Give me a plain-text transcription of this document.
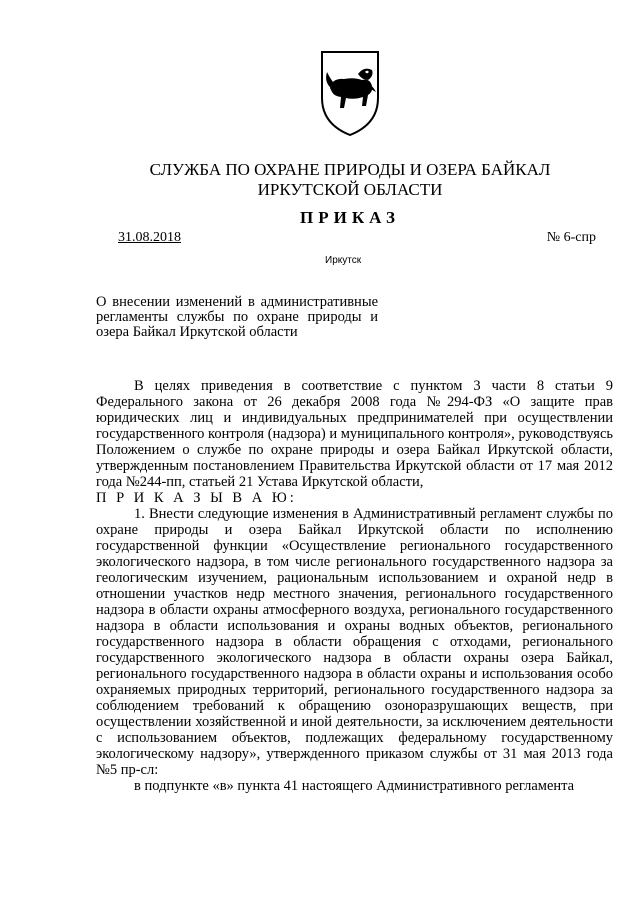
СЛУЖБА ПО ОХРАНЕ ПРИРОДЫ И ОЗЕРА БАЙКАЛ
ИРКУТСКОЙ ОБЛАСТИ
ПРИКАЗ
31.08.2018	№ 6-спр
Иркутск
О внесении изменений в административные регламенты службы по охране природы и озера Байкал Иркутской области

В целях приведения в соответствие с пунктом 3 части 8 статьи 9 Федерального закона от 26 декабря 2008 года №294-ФЗ «О защите прав юридических лиц и индивидуальных предпринимателей при осуществлении государственного контроля (надзора) и муниципального контроля», руководствуясь Положением о службе по охране природы и озера Байкал Иркутской области, утвержденным постановлением Правительства Иркутской области от 17 мая 2012 года №244-пп, статьей 21 Устава Иркутской области,

П Р И К А З Ы В А Ю:

1. Внести следующие изменения в Административный регламент службы по охране природы и озера Байкал Иркутской области по исполнению государственной функции «Осуществление регионального государственного экологического надзора, в том числе регионального государственного надзора за геологическим изучением, рациональным использованием и охраной недр в отношении участков недр местного значения, регионального государственного надзора в области охраны атмосферного воздуха, регионального государственного надзора в области использования и охраны водных объектов, регионального государственного надзора в области обращения с отходами, регионального государственного экологического надзора в области охраны озера Байкал, регионального государственного надзора в области охраны и использования особо охраняемых природных территорий, регионального государственного надзора за соблюдением требований к обращению озоноразрушающих веществ, при осуществлении хозяйственной и иной деятельности, за исключением деятельности с использованием объектов, подлежащих федеральному государственному экологическому надзору», утвержденного приказом службы от 31 мая 2013 года №5 пр-сл:

в подпункте «в» пункта 41 настоящего Административного регламента
